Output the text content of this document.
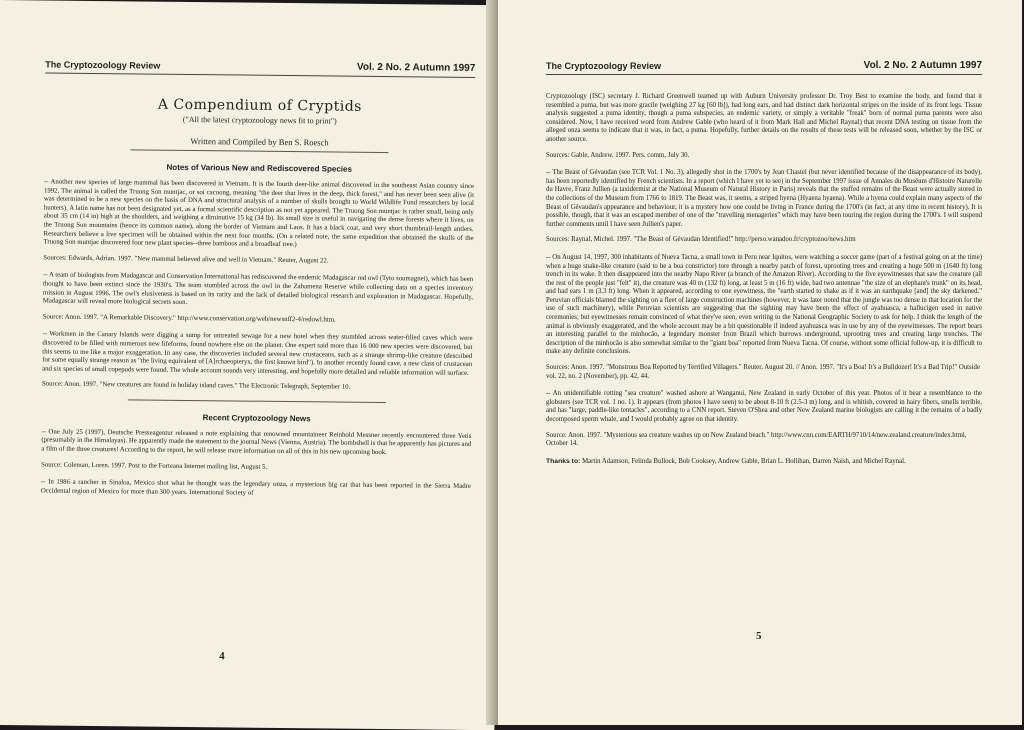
The Cryptozoology Review	Vol. 2 No. 2 Autumn 1997
A Compendium of Cryptids
("All the latest cryptozoology news fit to print")
Written and Compiled by Ben S. Roesch
Notes of Various New and Rediscovered Species

-- Another new species of large mammal has been discovered in Vietnam. It is the fourth deer-like animal discovered in the southeast Asian country since 1992. The animal is called the Truong Son muntjac, or soi cacoong, meaning "the deer that lives in the deep, thick forest," and has never been seen alive (it was determined to be a new species on the basis of DNA and structural analysis of a number of skulls brought to World Wildlife Fund researchers by local hunters). A latin name has not been designated yet, as a formal scientific description as not yet appeared. The Truong Son muntjac is rather small, being only about 35 cm (14 in) high at the shoulders, and weighing a diminutive 15 kg (34 lb). Its small size is useful in navigating the dense forests where it lives, on the Truong Son mountains (hence its common name), along the border of Vietnam and Laos. It has a black coat, and very short thumbnail-length antlers. Researchers believe a live specimen will be obtained within the next four months. (On a related note, the same expedition that obtained the skulls of the Truong Son muntjac discovered four new plant species--three bamboos and a broadleaf tree.)

Sources: Edwards, Adrian. 1997. "New mammal believed alive and well in Vietnam." Reuter, August 22.

-- A team of biologists from Madagascar and Conservation International has rediscovered the endemic Madagascar red owl (Tyto soumagnei), which has been thought to have been extinct since the 1930's. The team stumbled across the owl in the Zahamena Reserve while collecting data on a species inventory mission in August 1996. The owl's elusiveness is based on its rarity and the lack of detailed biological research and exploration in Madagascar. Hopefully, Madagascar will reveal more biological secrets soon.

Source: Anon. 1997. "A Remarkable Discovery." http://www.conservation.org/web/newsnff2-4/redowl.htm.

-- Workmen in the Canary Islands were digging a sump for untreated sewage for a new hotel when they stumbled across water-filled caves which were discovered to be filled with numerous new lifeforms, found nowhere else on the planet. One expert said more than 16 000 new species were discovered, but this seems to me like a major exaggeration. In any case, the discoveries included several new crustaceans, such as a strange shrimp-like creature (described for some equally strange reason as "the living equivalent of [A]rchaeopteryx, the first known bird"). In another recently found cave, a new class of crustacean and six species of small copepods were found. The whole account sounds very interesting, and hopefully more detailed and reliable information will surface.

Source: Anon. 1997. "New creatures are found in holiday island caves." The Electronic Telegraph, September 10.
Recent Cryptozoology News

-- One July 25 (1997), Deutsche Presseagentur released a note explaining that renowned mountaineer Reinhold Messner recently encountered three Yetis (presumably in the Himalayas). He apparently made the statement to the journal News (Vienna, Austria). The bombshell is that he apparently has pictures and a film of the three creatures! According to the report, he will release more information on all of this in his new upcoming book.

Source: Coleman, Loren. 1997. Post to the Forteana Internet mailing list, August 5.

-- In 1986 a rancher in Sinaloa, Mexico shot what he thought was the legendary onza, a mysterious big cat that has been reported in the Sierra Madre Occidental region of Mexico for more than 300 years. International Society of

4
The Cryptozoology Review	Vol. 2 No. 2 Autumn 1997

Cryptozoology (ISC) secretary J. Richard Greenwell teamed up with Auburn University professor Dr. Troy Best to examine the body, and found that it resembled a puma, but was more gracile (weighing 27 kg [60 lb]), had long ears, and had distinct dark horizontal stripes on the inside of its front legs. Tissue analysis suggested a puma identity, though a puma subspecies, an endemic variety, or simply a veritable "freak" born of normal puma parents were also considered. Now, I have received word from Andrew Gable (who heard of it from Mark Hall and Michel Raynal) that recent DNA testing on tissue from the alleged onza seems to indicate that it was, in fact, a puma. Hopefully, further details on the results of these tests will be released soon, whether by the ISC or another source.

Sources: Gable, Andrew. 1997. Pers. comm, July 30.

-- The Beast of Gévaudan (see TCR Vol. 1 No. 3), allegedly shot in the 1700's by Jean Chastel (but never identified because of the disappearance of its body), has been reportedly identified by French scientists. In a report (which I have yet to see) in the September 1997 issue of Annales du Muséum d'Histoire Naturelle du Havre, Franz Jullien (a taxidermist at the National Museum of Natural History in Paris) reveals that the stuffed remains of the Beast were actually stored in the collections of the Museum from 1766 to 1819. The Beast was, it seems, a striped hyena (Hyaena hyaena). While a hyena could explain many aspects of the Beast of Gévaudan's appearance and behaviour, it is a mystery how one could be living in France during the 1700's (in fact, at any time in recent history). It is possible, though, that it was an escaped member of one of the "travelling menageries" which may have been touring the region during the 1700's. I will suspend further comments until I have seen Jullien's paper.

Sources: Raynal, Michel. 1997. "The Beast of Gévaudan Identified!" http://perso.wanadoo.fr/cryptozoo/news.htm

-- On August 14, 1997, 300 inhabitants of Nueva Tacna, a small town in Peru near Iquitos, were watching a soccer game (part of a festival going on at the time) when a huge snake-like creature (said to be a boa constrictor) tore through a nearby patch of forest, uprooting trees and creating a huge 500 m (1640 ft) long trench in its wake. It then disappeared into the nearby Napo River (a branch of the Amazon River). According to the five eyewitnesses that saw the creature (all the rest of the people just "felt" it), the creature was 40 m (132 ft) long, at least 5 m (16 ft) wide, had two antennae "the size of an elephant's trunk" on its head, and had ears 1 m (3.3 ft) long. When it appeared, according to one eyewitness, the "earth started to shake as if it was an earthquake [and] the sky darkened." Peruvian officials blamed the sighting on a fleet of large construction machines (however, it was later noted that the jungle was too dense in that location for the use of such machinery), while Peruvian scientists are suggesting that the sighting may have been the effect of ayahuasca, a hallucigen used in native ceremonies; but eyewitnesses remain convinced of what they've seen, even writing to the National Geographic Society to ask for help. I think the length of the animal is obviously exaggerated, and the whole account may be a bit questionable if indeed ayahuasca was in use by any of the eyewitnesses. The report bears an interesting parallel to the minhocão, a legendary monster from Brazil which burrows underground, uprooting trees and creating large trenches. The description of the minhocão is also somewhat similar to the "giant boa" reported from Nueva Tacna. Of course, without some official follow-up, it is difficult to make any definite conclusions.

Sources: Anon. 1997. "Monstrous Boa Reported by Terrified Villagers." Reuter, August 20. // Anon. 1997. "It's a Boa! It's a Bulldozer! It's a Bad Trip!" Outside vol. 22, no. 2 (November), pp. 42, 44.

-- An unidentifiable rotting "sea creature" washed ashore at Wanganui, New Zealand in early October of this year. Photos of it bear a resemblance to the globsters (see TCR vol. 1 no. 1). It appears (from photos I have seen) to be about 8-10 ft (2.5-3 m) long, and is whitish, covered in hairy fibers, smells terrible, and has "large, paddle-like tentacles", according to a CNN report. Steven O'Shea and other New Zealand marine biologists are calling it the remains of a badly decomposed sperm whale, and I would probably agree on that identity.

Source: Anon. 1997. "Mysterious sea creature washes up on New Zealand beach." http://www.cnn.com/EARTH/9710/14/new.zealand.creature/index.html, October 14.
Thanks to: Martin Adamson, Felinda Bullock, Bob Cooksey, Andrew Gable, Brian L. Hollihan, Darren Naish, and Michel Raynal.
5
